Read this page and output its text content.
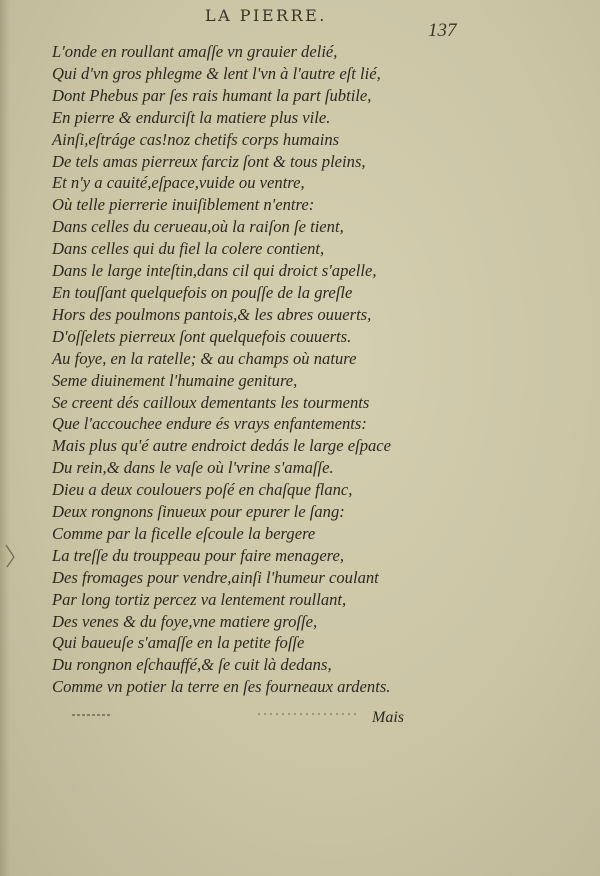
LA PIERRE.
137
L'onde en roullant amaſſe vn grauier delié,
Qui d'vn gros phlegme & lent l'vn à l'autre eſt lié,
Dont Phebus par ſes rais humant la part ſubtile,
En pierre & endurciſt la matiere plus vile.
Ainſi,eſtráge cas!noz chetifs corps humains
De tels amas pierreux farciz ſont & tous pleins,
Et n'y a cauité,eſpace,vuide ou ventre,
Où telle pierrerie inuiſiblement n'entre:
Dans celles du cerueau,où la raiſon ſe tient,
Dans celles qui du fiel la colere contient,
Dans le large inteſtin,dans cil qui droict s'apelle,
En touſſant quelquefois on pouſſe de la greſle
Hors des poulmons pantois,& les abres ouuerts,
D'oſſelets pierreux ſont quelquefois couuerts.
Au foye, en la ratelle; & au champs où nature
Seme diuinement l'humaine geniture,
Se creent dés cailloux dementants les tourments
Que l'accouchee endure és vrays enfantements:
Mais plus qu'é autre endroict dedás le large eſpace
Du rein,& dans le vaſe où l'vrine s'amaſſe.
Dieu a deux coulouers poſé en chaſque flanc,
Deux rongnons ſinueux pour epurer le ſang:
Comme par la ficelle eſcoule la bergere
La treſſe du trouppeau pour faire menagere,
Des fromages pour vendre,ainſi l'humeur coulant
Par long tortiz percez va lentement roullant,
Des venes & du foye,vne matiere groſſe,
Qui baueuſe s'amaſſe en la petite foſſe
Du rongnon eſchauffé,& ſe cuit là dedans,
Comme vn potier la terre en ſes fourneaux ardents.
Mais
